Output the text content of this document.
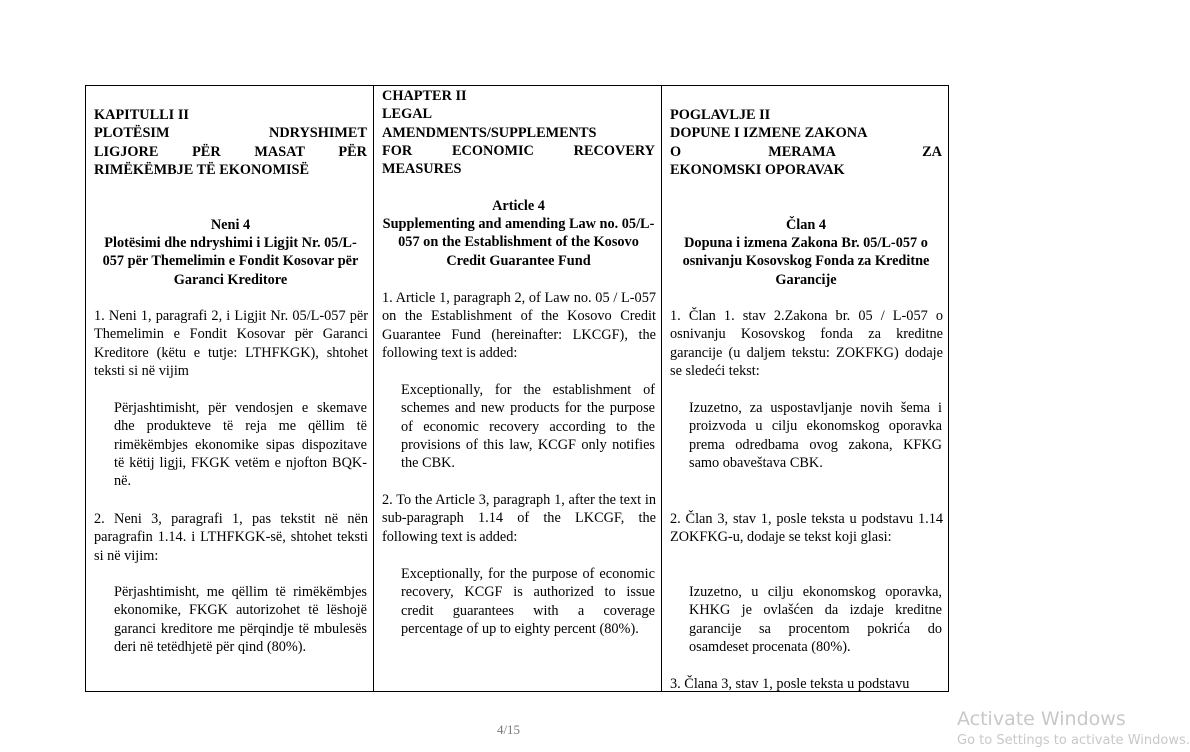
KAPITULLI II
PLOTËSIM NDRYSHIMET
LIGJORE PËR MASAT PËR
RIMËKËMBJE TË EKONOMISË

Neni 4

Plotësimi dhe ndryshimi i Ligjit Nr. 05/L-057 për Themelimin e Fondit Kosovar për Garanci Kreditore

1. Neni 1, paragrafi 2, i Ligjit Nr. 05/L-057 për Themelimin e Fondit Kosovar për Garanci Kreditore (këtu e tutje: LTHFKGK), shtohet teksti si në vijim

Përjashtimisht, për vendosjen e skemave dhe produkteve të reja me qëllim të rimëkëmbjes ekonomike sipas dispozitave të këtij ligji, FKGK vetëm e njofton BQK-në.

2. Neni 3, paragrafi 1, pas tekstit në nën paragrafin 1.14. i LTHFKGK-së, shtohet teksti si në vijim:

Përjashtimisht, me qëllim të rimëkëmbjes ekonomike, FKGK autorizohet të lëshojë garanci kreditore me përqindje të mbulesës deri në tetëdhjetë për qind (80%).

CHAPTER II
LEGAL
AMENDMENTS/SUPPLEMENTS
FOR ECONOMIC RECOVERY
MEASURES

Article 4

Supplementing and amending Law no. 05/L-057 on the Establishment of the Kosovo Credit Guarantee Fund

1. Article 1, paragraph 2, of Law no. 05 / L-057 on the Establishment of the Kosovo Credit Guarantee Fund (hereinafter: LKCGF), the following text is added:

Exceptionally, for the establishment of schemes and new products for the purpose of economic recovery according to the provisions of this law, KCGF only notifies the CBK.

2. To the Article 3, paragraph 1, after the text in sub-paragraph 1.14 of the LKCGF, the following text is added:

Exceptionally, for the purpose of economic recovery, KCGF is authorized to issue credit guarantees with a coverage percentage of up to eighty percent (80%).

POGLAVLJE II
DOPUNE I IZMENE ZAKONA
O MERAMA ZA
EKONOMSKI OPORAVAK

Član 4

Dopuna i izmena Zakona Br. 05/L-057 o osnivanju Kosovskog Fonda za Kreditne Garancije

1. Član 1. stav 2.Zakona br. 05 / L-057 o osnivanju Kosovskog fonda za kreditne garancije (u daljem tekstu: ZOKFKG) dodaje se sledeći tekst:

Izuzetno, za uspostavljanje novih šema i proizvoda u cilju ekonomskog oporavka prema odredbama ovog zakona, KFKG samo obaveštava CBK.

2. Član 3, stav 1, posle teksta u podstavu 1.14 ZOKFKG-u, dodaje se tekst koji glasi:

Izuzetno, u cilju ekonomskog oporavka, KHKG je ovlašćen da izdaje kreditne garancije sa procentom pokrića do osamdeset procenata (80%).

3. Člana 3, stav 1, posle teksta u podstavu

4/15	Activate Windows
Go to Settings to activate Windows.
